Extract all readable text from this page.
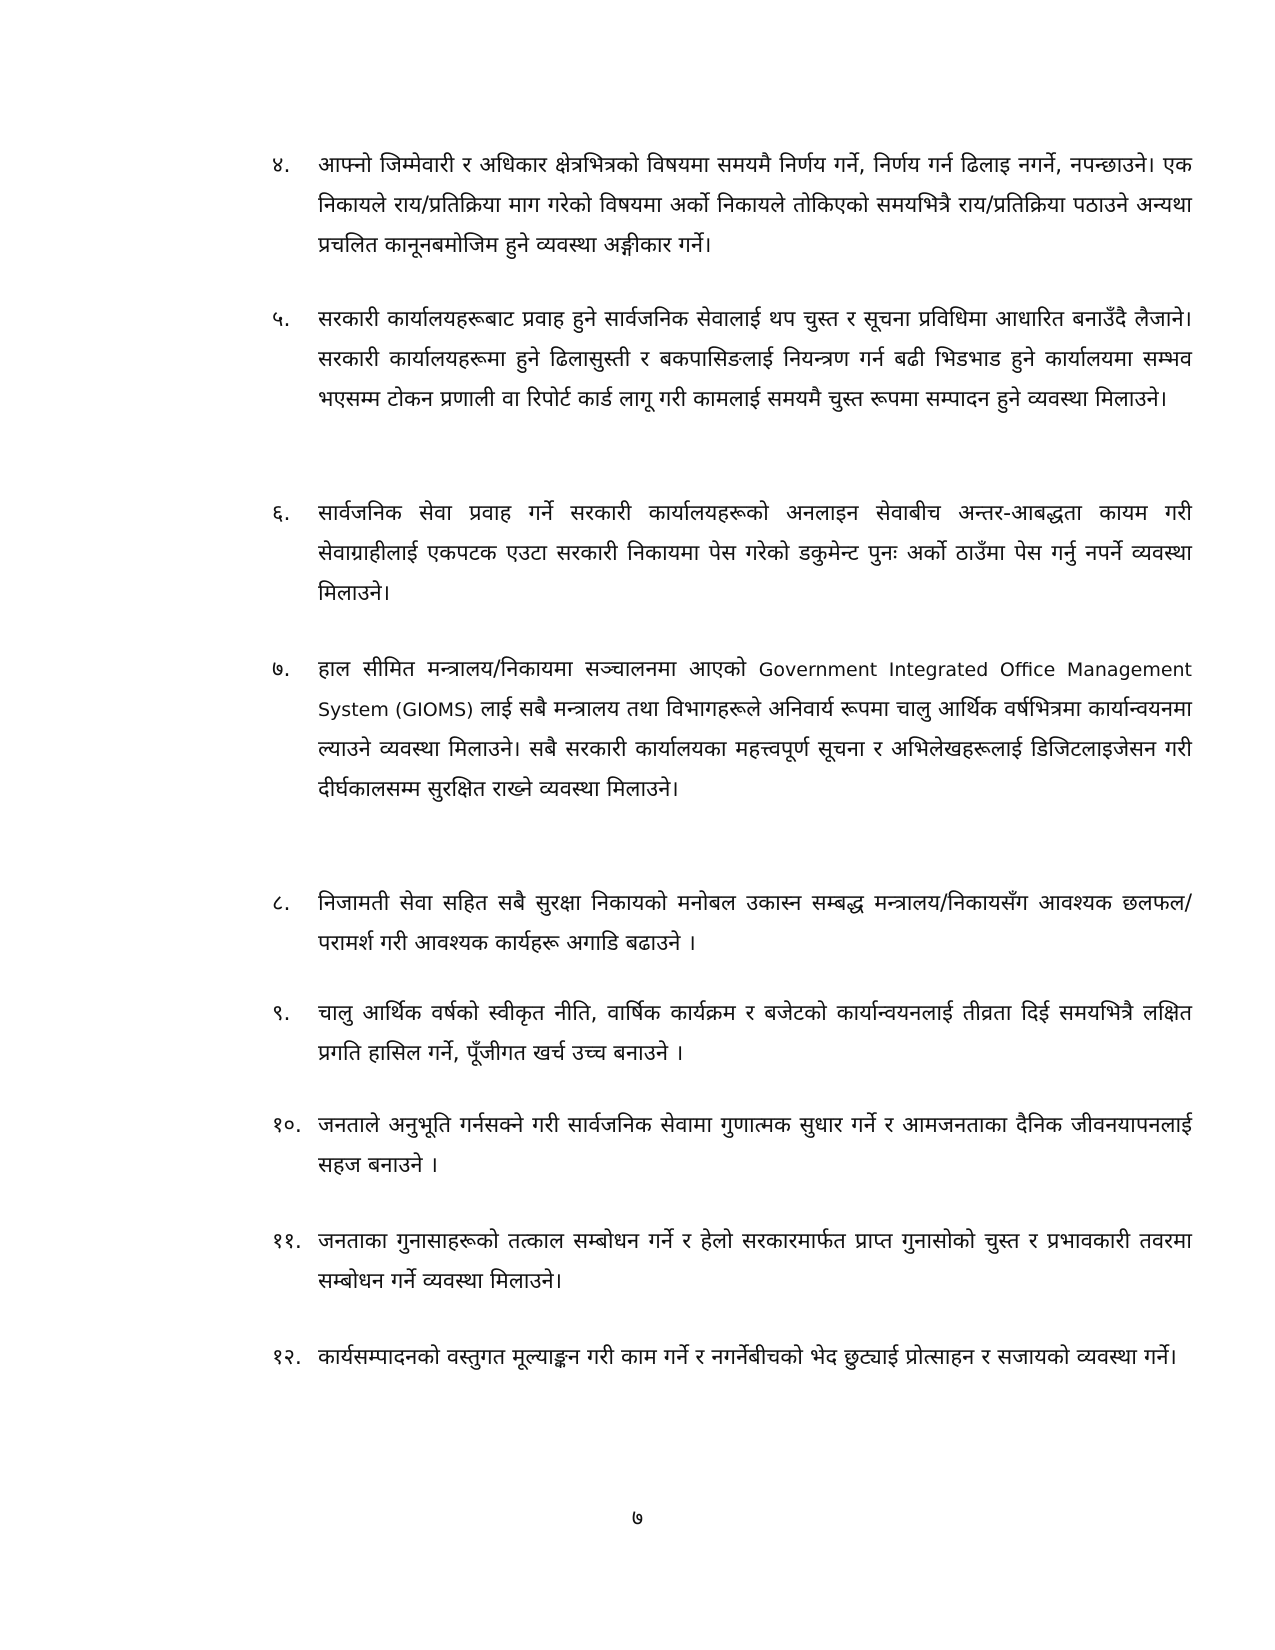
४.	आफ्नो जिम्मेवारी र अधिकार क्षेत्रभित्रको विषयमा समयमै निर्णय गर्ने, निर्णय गर्न ढिलाइ नगर्ने, नपन्छाउने। एक निकायले राय/प्रतिक्रिया माग गरेको विषयमा अर्को निकायले तोकिएको समयभित्रै राय/प्रतिक्रिया पठाउने अन्यथा प्रचलित कानूनबमोजिम हुने व्यवस्था अङ्गीकार गर्ने।
५.	सरकारी कार्यालयहरूबाट प्रवाह हुने सार्वजनिक सेवालाई थप चुस्त र सूचना प्रविधिमा आधारित बनाउँदै लैजाने। सरकारी कार्यालयहरूमा हुने ढिलासुस्ती र बकपासिङलाई नियन्त्रण गर्न बढी भिडभाड हुने कार्यालयमा सम्भव भएसम्म टोकन प्रणाली वा रिपोर्ट कार्ड लागू गरी कामलाई समयमै चुस्त रूपमा सम्पादन हुने व्यवस्था मिलाउने।
६.	सार्वजनिक सेवा प्रवाह गर्ने सरकारी कार्यालयहरूको अनलाइन सेवाबीच अन्तर-आबद्धता कायम गरी सेवाग्राहीलाई एकपटक एउटा सरकारी निकायमा पेस गरेको डकुमेन्ट पुनः अर्को ठाउँमा पेस गर्नु नपर्ने व्यवस्था मिलाउने।
७.	हाल सीमित मन्त्रालय/निकायमा सञ्चालनमा आएको Government Integrated Office Management System (GIOMS) लाई सबै मन्त्रालय तथा विभागहरूले अनिवार्य रूपमा चालु आर्थिक वर्षभित्रमा कार्यान्वयनमा ल्याउने व्यवस्था मिलाउने। सबै सरकारी कार्यालयका महत्त्वपूर्ण सूचना र अभिलेखहरूलाई डिजिटलाइजेसन गरी दीर्घकालसम्म सुरक्षित राख्ने व्यवस्था मिलाउने।
८.	निजामती सेवा सहित सबै सुरक्षा निकायको मनोबल उकास्न सम्बद्ध मन्त्रालय/निकायसँग आवश्यक छलफल/परामर्श गरी आवश्यक कार्यहरू अगाडि बढाउने ।
९.	चालु आर्थिक वर्षको स्वीकृत नीति, वार्षिक कार्यक्रम र बजेटको कार्यान्वयनलाई तीव्रता दिई समयभित्रै लक्षित प्रगति हासिल गर्ने, पूँजीगत खर्च उच्च बनाउने ।
१०. जनताले अनुभूति गर्नसक्ने गरी सार्वजनिक सेवामा गुणात्मक सुधार गर्ने र आमजनताका दैनिक जीवनयापनलाई सहज बनाउने ।
११. जनताका गुनासाहरूको तत्काल सम्बोधन गर्ने र हेलो सरकारमार्फत प्राप्त गुनासोको चुस्त र प्रभावकारी तवरमा सम्बोधन गर्ने व्यवस्था मिलाउने।
१२. कार्यसम्पादनको वस्तुगत मूल्याङ्कन गरी काम गर्ने र नगर्नेबीचको भेद छुट्याई प्रोत्साहन र सजायको व्यवस्था गर्ने।
७
